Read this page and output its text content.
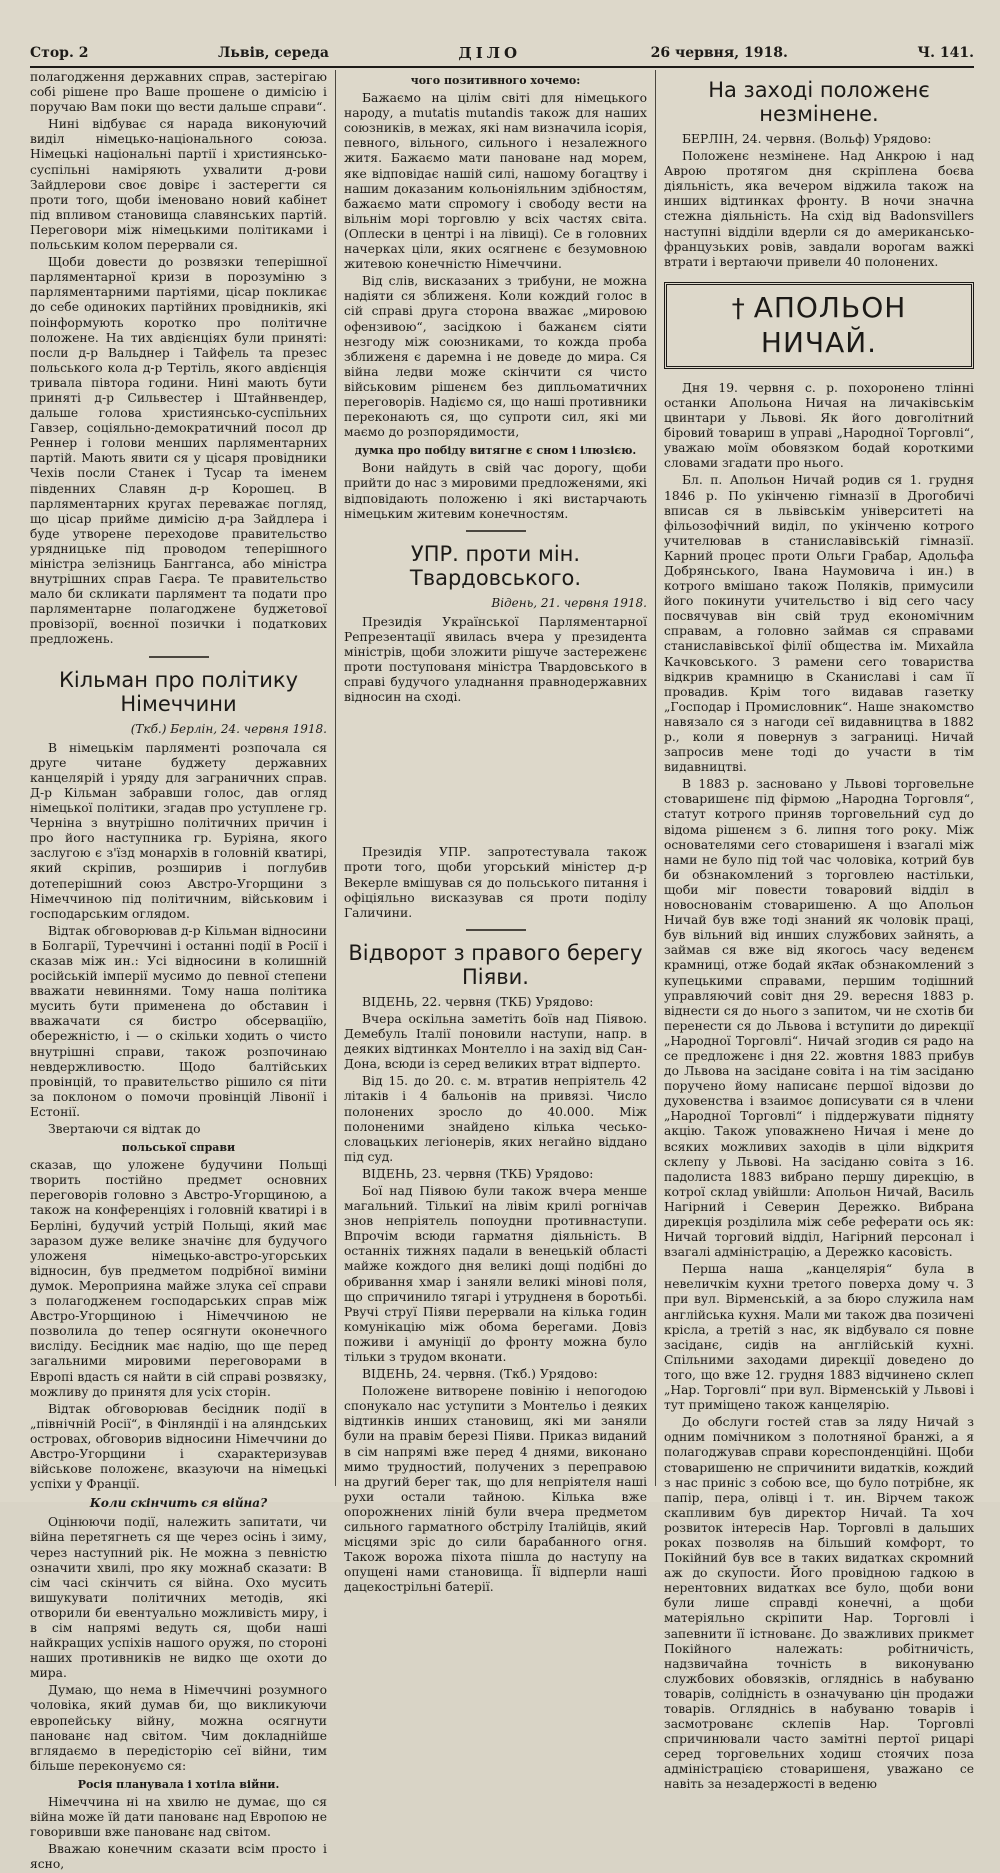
Стор. 2	Львів, середа	ДІЛО	26 червня, 1918.	Ч. 141.

полагодження державних справ, застерігаю собі рішене про Ваше прошене о димісію і поручаю Вам поки що вести дальше справи“.

Нині відбуває ся нарада виконуючий виділ німецько-національного союза. Німецькі національні партії і християнсько-суспільні наміряють ухвалити д-рови Зайдлерови своє довірє і застерегти ся проти того, щоби іменовано новий кабінет під впливом становища славянських партій. Переговори між німецькими політиками і польським колом перервали ся.

Щоби довести до розвязки теперішної парляментарної кризи в порозуміню з парляментарними партіями, цісар покликає до себе одиноких партійних провідників, які поінформують коротко про політичне положене. На тих авдієнціях були приняті: посли д-р Вальднер і Тайфель та презес польського кола д-р Тертіль, якого авдієнція тривала півтора години. Нині мають бути приняті д-р Сильвестер і Штайнвендер, дальше голова християнсько-суспільних Гавзер, соціяльно-демократичний посол др Реннер і голови менших парляментарних партій. Мають явити ся у цісаря провідники Чехів посли Станек і Тусар та іменем південних Славян д-р Корошец. В парляментарних кругах переважає погляд, що цісар прийме димісію д-ра Зайдлера і буде утворене переходове правительство урядницьке під проводом теперішного міністра зелізниць Бангганса, або міністра внутрішних справ Гаєра. Те правительство мало би скликати парлямент та подати про парляментарне полагоджене буджетової провізорії, воєнної позички і податкових предложень.

Кільман про політику Німеччини
(Ткб.) Берлін, 24. червня 1918.

В німецькім парляменті розпочала ся друге читане буджету державних канцелярій і уряду для заграничних справ. Д-р Кільман забравши голос, дав огляд німецької політики, згадав про уступлене гр. Черніна з внутрішно політичних причин і про його наступника гр. Буріяна, якого заслугою є з'їзд монархів в головній кватирі, який скріпив, розширив і поглубив дотеперішний союз Австро-Угорщини з Німеччиною під політичним, військовим і господарським оглядом.

Відтак обговорював д-р Кільман відносини в Болгарії, Туреччині і останні події в Росії і сказав між ин.: Усі відносини в колишній російській імперії мусимо до певної степени вважати невиннями. Тому наша політика мусить бути применена до обставин і вважачати ся бистро обсерваціїю, обережністю, і — о скільки ходить о чисто внутрішні справи, також розпочинаю невдержливостю. Щодо балтійських провінцій, то правительство рішило ся піти за поклоном о помочи провінцій Лівонії і Естонії.

Звертаючи ся відтак до

польської справи

сказав, що уложене будучини Польщі творить постійно предмет основних переговорів головно з Австро-Угорщиною, а також на конференціях і головній кватирі і в Берліні, будучий устрій Польщі, який має заразом дуже велике значінє для будучого уложеня німецько-австро-угорських відносин, був предметом подрібної виміни думок. Мероприяна майже злука сеї справи з полагодженем господарських справ між Австро-Угорщиною і Німеччиною не позволила до тепер осягнути оконечного висліду. Бесідник має надію, що ще перед загальними мировими переговорами в Европі вдасть ся найти в сій справі розвязку, можливу до принятя для усіх сторін.

Відтак обговорював бесідник події в „північній Росії“, в Фінляндії і на аляндських островах, обговорив відносини Німеччини до Австро-Угорщини і схарактеризував військове положенє, вказуючи на німецькі успіхи у Франції.

Коли скінчить ся війна?

Оцінюючи події, належить запитати, чи війна перетягнеть ся ще через осінь і зиму, через наступний рік. Не можна з певністю означити хвилі, про яку можнаб сказати: В сім часі скінчить ся війна. Охо мусить вишукувати політичних методів, які отворили би евентуально можливість миру, і в сім напрямі ведуть ся, щоби наші найкращих успіхів нашого оружя, по стороні наших противників не видко ще охоти до мира.

Думаю, що нема в Німеччині розумного чоловіка, який думав би, що викликуючи европейську війну, можна осягнути панованє над світом. Чим докладнійше вглядаємо в передісторію сеї війни, тим більше переконуємо ся:

Росія планувала і хотіла війни.

Німеччина ні на хвилю не думає, що ся війна може їй дати панованє над Европою не говоривши вже панованє над світом.

Вважаю конечним сказати всім просто і ясно,

чого позитивного хочемо:

Бажаємо на цілім світі для німецького народу, а mutatis mutandis також для наших союзників, в межах, які нам визначила ісорія, певного, вільного, сильного і незалежного житя. Бажаємо мати пановане над морем, яке відповідає нашій силі, нашому богацтву і нашим доказаним кольоніяльним здібностям, бажаємо мати спромогу і свободу вести на вільнім морі торговлю у всіх частях світа. (Оплески в центрі і на лівиці). Се в головних начерках ціли, яких осягненє є безумовною житевою конечністю Німеччини.

Від слів, висказаних з трибуни, не можна надіяти ся зближеня. Коли кождий голос в сій справі друга сторона вважає „мировою офензивою“, засідкою і бажанєм сіяти незгоду між союзниками, то кожда проба зближеня є даремна і не доведе до мира. Ся війна ледви може скінчити ся чисто військовим рішенєм без дипльоматичних переговорів. Надіємо ся, що наші противники переконають ся, що супроти сил, які ми маємо до розпорядимости,

думка про побіду витягне є сном і ілюзією.

Вони найдуть в свій час дорогу, щоби прийти до нас з мировими предложенями, які відповідають положеню і які вистарчають німецьким житевим конечностям.

УПР. проти мін. Твардовського.
Відень, 21. червня 1918.

Президія Української Парляментарної Репрезентації явилась вчера у президента міністрів, щоби зложити рішуче застереженє проти поступованя міністра Твардовського в справі будучого уладнання правнодержавних відносин на сході.

Президія УПР. запротестувала також проти того, щоби угорський міністер д-р Векерле вмішував ся до польського питання і офіціяльно висказував ся проти поділу Галичини.

Відворот з правого берегу Піяви.

ВІДЕНЬ, 22. червня (ТКБ) Урядово:

Вчера оскільна заметіть боїв над Піявою. Демебуль Італії поновили наступи, напр. в деяких відтинках Монтелло і на захід від Сан-Дона, всюди із серед великих втрат відперто.

Від 15. до 20. с. м. втратив непріятель 42 літаків і 4 бальонів на привязі. Число полонених зросло до 40.000. Між полоненими знайдено кілька чесько-словацьких легіонерів, яких негайно віддано під суд.

ВІДЕНЬ, 23. червня (ТКБ) Урядово:

Бої над Піявою були також вчера менше магальний. Тількиї на лівім крилі рогнічав знов непріятель попоудни противнаступи. Впрочім всюди гарматня діяльність. В останніх тижнях падали в венецькій області майже кождого дня великі дощі подібні до обривання хмар і заняли великі мінові поля, що спричинило тягарі і утрудненя в боротьбі. Рвучі струї Піяви перервали на кілька годин комунікацію між обома берегами. Довіз поживи і амуніції до фронту можна було тільки з трудом вконати.

ВІДЕНЬ, 24. червня. (Ткб.) Урядово:

Положене витворене повінію і непогодою спонукало нас уступити з Монтельо і деяких відтинків инших становищ, які ми заняли були на правім березі Піяви. Приказ виданий в сім напрямі вже перед 4 днями, виконано мимо трудностий, получених з переправою на другий берег так, що для непріятеля наші рухи остали тайною. Кілька вже опорожнених ліній були вчера предметом сильного гарматного обстрілу Італійців, який місцями зріс до сили барабанного огня. Також ворожа піхота пішла до наступу на опущені нами становища. Її відперли наші дацекострільні батерії.

На заході положенє незмінене.

БЕРЛІН, 24. червня. (Вольф) Урядово:

Положенє незмінене. Над Анкрою і над Аврою протягом дня скріплена боєва діяльність, яка вечером віджила також на инших відтинках фронту. В ночи значна стежна діяльність. На схід від Badonsvillers наступні відділи вдерли ся до американсько-французьких ровів, завдали ворогам важкі втрати і вертаючи привели 40 полонених.

† АПОЛЬОН НИЧАЙ.

Дня 19. червня с. р. похоронено тлінні останки Апольона Ничая на личаківськім цвинтари у Львові. Як його довголітний біровий товариш в управі „Народної Торговлі“, уважаю моїм обовязком бодай короткими словами згадати про нього.

Бл. п. Апольон Ничай родив ся 1. грудня 1846 р. По укінченю гімназії в Дрогобичі вписав ся в львівськім університеті на фільозофічний виділ, по укінченю котрого учителював в станиславівській гімназії. Карний процес проти Ольги Грабар, Адольфа Добрянського, Івана Наумовича і ин.) в котрого вмішано також Поляків, примусили його покинути учительство і від сего часу посвячував він свій труд економічним справам, а головно займав ся справами станиславівської філії общества ім. Михайла Качковського. З рамени сего товариства відкрив крамницю в Сканиславі і сам її провадив. Крім того видавав газетку „Господар і Промисловник“. Наше знакомство навязало ся з нагоди сеї видавництва в 1882 р., коли я повернув з заграниці. Ничай запросив мене тоді до участи в тім видавництві.

В 1883 р. засновано у Львові торговельне стоваришенє під фірмою „Народна Торговля“, статут котрого приняв торговельний суд до відома рішенєм з 6. липня того року. Між основателями сего стоваришеня і взагалі між нами не було під той час чоловіка, котрий був би обзнакомлений з торговлею настільки, щоби міг повести товаровий відділ в новоснованім стоваришеню. А що Апольон Ничай був вже тоді знаний як чоловік праці, був вільний від инших службових зайнять, а займав ся вже від якогось часу веденєм крамниці, отже бодай якतак обзнакомлений з купецькими справами, першим тодішний управляючий совіт дня 29. вересня 1883 р. віднести ся до нього з запитом, чи не схотів би перенести ся до Львова і вступити до дирекції „Народної Торговлі“. Ничай згодив ся радо на се предложенє і дня 22. жовтня 1883 прибув до Львова на засідане совіта і на тім засіданю поручено йому написанє першої відозви до духовенства і взаимоє дописувати ся в члени „Народної Торговлі“ і піддержувати підняту акцію. Також уповажнено Ничая і мене до всяких можливих заходів в ціли відкритя склепу у Львові. На засіданю совіта з 16. падолиста 1883 вибрано першу дирекцію, в котрої склад увійшли: Апольон Ничай, Василь Нагірний і Северин Дережко. Вибрана дирекція розділила між себе реферати ось як: Ничай торговий відділ, Нагірний персонал і взагалі адміністрацію, а Дережко касовість.

Перша наша „канцелярія“ була в невеличкім кухни третого поверха дому ч. 3 при вул. Вірменській, а за бюро служила нам англійська кухня. Мали ми також два позичені крісла, а третій з нас, як відбувало ся повне засіданє, сидів на англійській кухні. Спільними заходами дирекції доведено до того, що вже 12. грудня 1883 відчинено склеп „Нар. Торговлі“ при вул. Вірменській у Львові і тут приміщено також канцелярію.

До обслуги гостей став за ляду Ничай з одним помічником з полотняної бранжі, а я полагоджував справи кореспонденційні. Щоби стоваришеню не спричинити видатків, кождий з нас приніс з собою все, що було потрібне, як папір, пера, олівці і т. ин. Вірчем також скапливим був директор Ничай. Та хоч розвиток інтересів Нар. Торговлі в дальших роках позволяв на більший комфорт, то Покійний був все в таких видатках скромний аж до скупости. Його провідною гадкою в нерентовних видатках все було, щоби вони були лише справді конечні, а щоби матеріяльно скріпити Нар. Торговлі і запевнити її істнованє. До зважливих прикмет Покійного належать: робітничість, надзвичайна точність в виконуваню службових обовязків, огляднісь в набуваню товарів, солідність в означуваню цін продажи товарів. Огляднісь в набуваню товарів і засмотрованє склепів Нар. Торговлі спричинювали часто замітні пертої рицарі серед торговельних ходиш стоячих поза адміністрацією стоваришеня, уважано се навіть за незадержості в веденю
